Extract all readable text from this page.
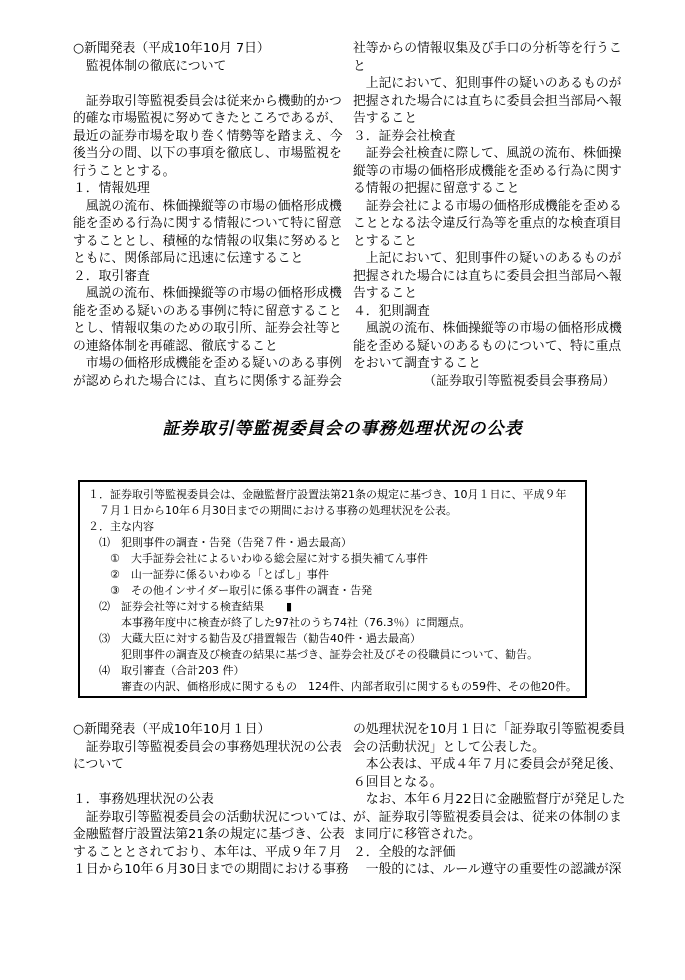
○新聞発表（平成10年10月 7日）
　監視体制の徹底について
　証券取引等監視委員会は従来から機動的かつ
的確な市場監視に努めてきたところであるが、
最近の証券市場を取り巻く情勢等を踏まえ、今
後当分の間、以下の事項を徹底し、市場監視を
行うこととする。
１．情報処理
　風説の流布、株価操縦等の市場の価格形成機
能を歪める行為に関する情報について特に留意
することとし、積極的な情報の収集に努めると
ともに、関係部局に迅速に伝達すること
２．取引審査
　風説の流布、株価操縦等の市場の価格形成機
能を歪める疑いのある事例に特に留意すること
とし、情報収集のための取引所、証券会社等と
の連絡体制を再確認、徹底すること
　市場の価格形成機能を歪める疑いのある事例
が認められた場合には、直ちに関係する証券会
社等からの情報収集及び手口の分析等を行うこ
と
　上記において、犯則事件の疑いのあるものが
把握された場合には直ちに委員会担当部局へ報
告すること
３．証券会社検査
　証券会社検査に際して、風説の流布、株価操
縦等の市場の価格形成機能を歪める行為に関す
る情報の把握に留意すること
　証券会社による市場の価格形成機能を歪める
こととなる法令違反行為等を重点的な検査項目
とすること
　上記において、犯則事件の疑いのあるものが
把握された場合には直ちに委員会担当部局へ報
告すること
４．犯則調査
　風説の流布、株価操縦等の市場の価格形成機
能を歪める疑いのあるものについて、特に重点
をおいて調査すること
　　　　　　（証券取引等監視委員会事務局）
証券取引等監視委員会の事務処理状況の公表
１．証券取引等監視委員会は、金融監督庁設置法第21条の規定に基づき、10月１日に、平成９年
　７月１日から10年６月30日までの期間における事務の処理状況を公表。
２．主な内容
　⑴　犯則事件の調査・告発（告発７件・過去最高）
　　①　大手証券会社によるいわゆる総会屋に対する損失補てん事件
　　②　山一証券に係るいわゆる「とばし」事件
　　③　その他インサイダー取引に係る事件の調査・告発
　⑵　証券会社等に対する検査結果　　▮
　　　本事務年度中に検査が終了した97社のうち74社（76.3％）に問題点。
　⑶　大蔵大臣に対する勧告及び措置報告（勧告40件・過去最高）
　　　犯則事件の調査及び検査の結果に基づき、証券会社及びその役職員について、勧告。
　⑷　取引審査（合計203 件）
　　　審査の内訳、価格形成に関するもの　124件、内部者取引に関するもの59件、その他20件。
○新聞発表（平成10年10月１日）
　証券取引等監視委員会の事務処理状況の公表
について
１．事務処理状況の公表
　証券取引等監視委員会の活動状況については、
金融監督庁設置法第21条の規定に基づき、公表
することとされており、本年は、平成９年７月
１日から10年６月30日までの期間における事務
の処理状況を10月１日に「証券取引等監視委員
会の活動状況」として公表した。
　本公表は、平成４年７月に委員会が発足後、
６回目となる。
　なお、本年６月22日に金融監督庁が発足した
が、証券取引等監視委員会は、従来の体制のま
ま同庁に移管された。
２．全般的な評価
　一般的には、ルール遵守の重要性の認識が深
